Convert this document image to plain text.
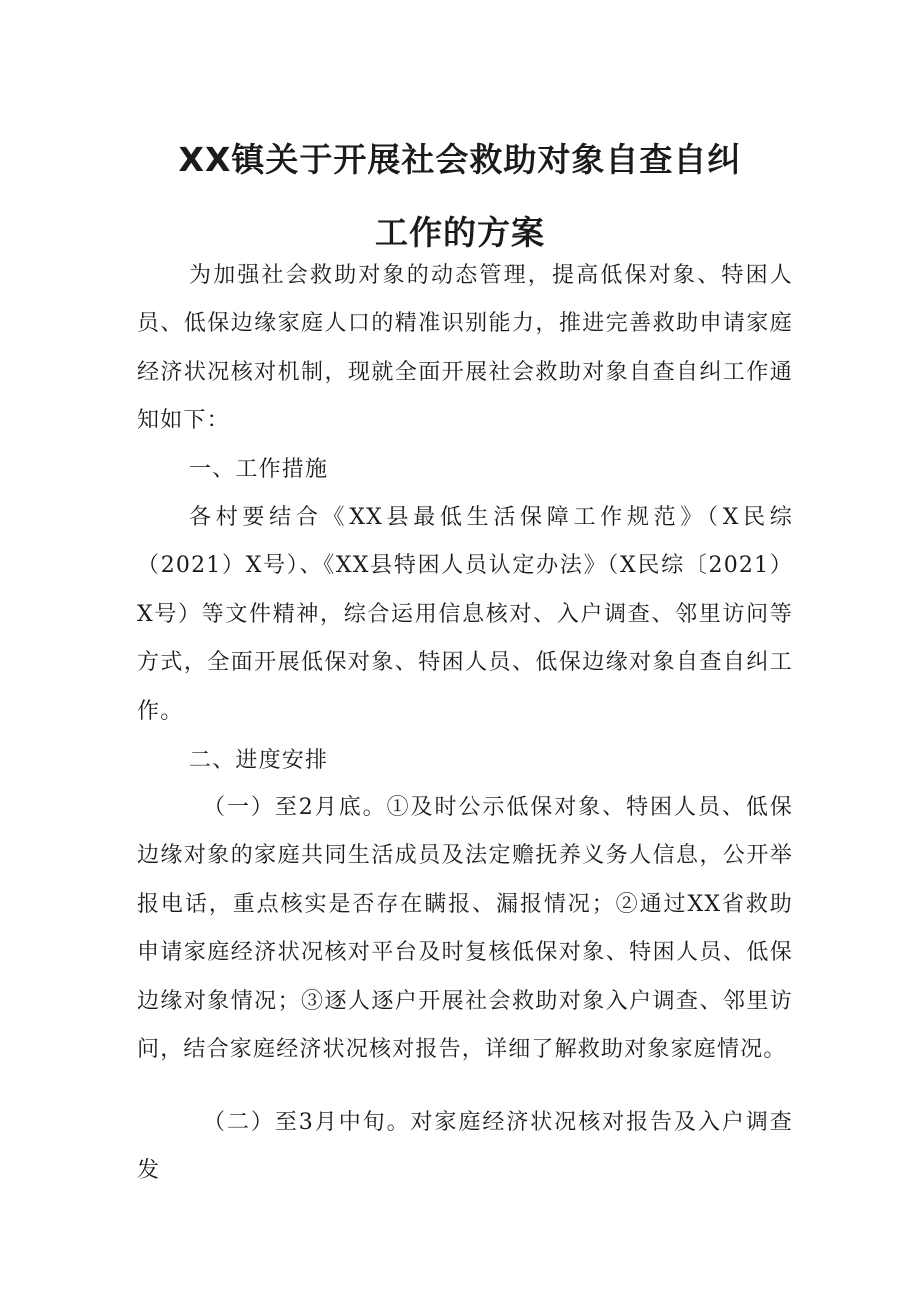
XX镇关于开展社会救助对象自查自纠
工作的方案

为加强社会救助对象的动态管理，提高低保对象、特困人员、低保边缘家庭人口的精准识别能力，推进完善救助申请家庭经济状况核对机制，现就全面开展社会救助对象自查自纠工作通知如下：

一、工作措施

各村要结合《XX县最低生活保障工作规范》（X民综（2021）X号）、《XX县特困人员认定办法》（X民综〔2021）X号）等文件精神，综合运用信息核对、入户调查、邻里访问等方式，全面开展低保对象、特困人员、低保边缘对象自查自纠工作。

二、进度安排

（一）至2月底。①及时公示低保对象、特困人员、低保边缘对象的家庭共同生活成员及法定赡抚养义务人信息，公开举报电话，重点核实是否存在瞒报、漏报情况；②通过XX省救助申请家庭经济状况核对平台及时复核低保对象、特困人员、低保边缘对象情况；③逐人逐户开展社会救助对象入户调查、邻里访问，结合家庭经济状况核对报告，详细了解救助对象家庭情况。

（二）至3月中旬。对家庭经济状况核对报告及入户调查发
